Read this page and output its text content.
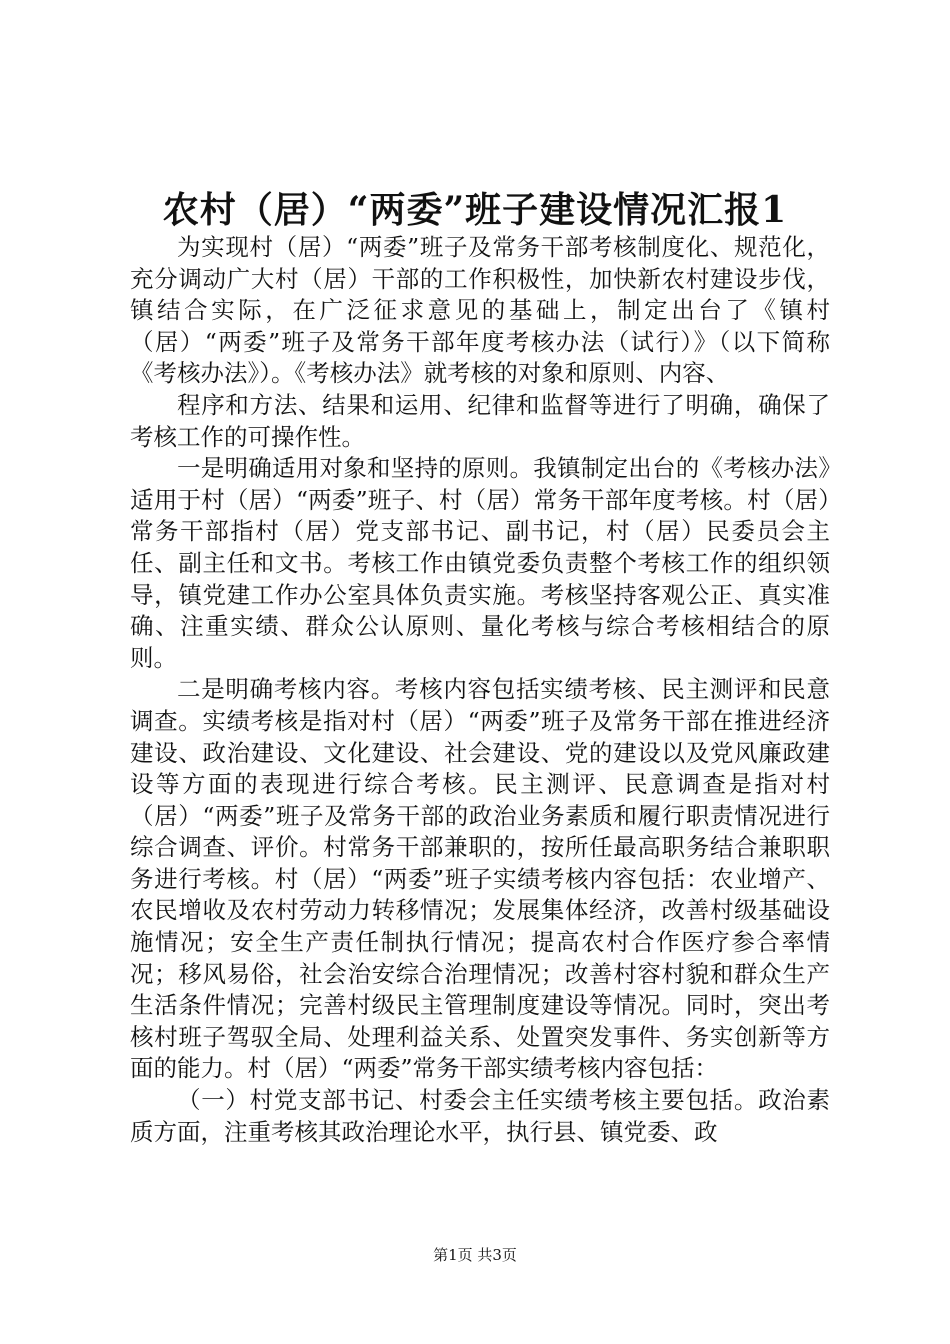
农村（居）“两委”班子建设情况汇报1

为实现村（居）“两委”班子及常务干部考核制度化、规范化，充分调动广大村（居）干部的工作积极性，加快新农村建设步伐，镇结合实际，在广泛征求意见的基础上，制定出台了《镇村（居）“两委”班子及常务干部年度考核办法（试行）》（以下简称《考核办法》）。《考核办法》就考核的对象和原则、内容、

程序和方法、结果和运用、纪律和监督等进行了明确，确保了考核工作的可操作性。

一是明确适用对象和坚持的原则。我镇制定出台的《考核办法》适用于村（居）“两委”班子、村（居）常务干部年度考核。村（居）常务干部指村（居）党支部书记、副书记，村（居）民委员会主任、副主任和文书。考核工作由镇党委负责整个考核工作的组织领导，镇党建工作办公室具体负责实施。考核坚持客观公正、真实准确、注重实绩、群众公认原则、量化考核与综合考核相结合的原则。

二是明确考核内容。考核内容包括实绩考核、民主测评和民意调查。实绩考核是指对村（居）“两委”班子及常务干部在推进经济建设、政治建设、文化建设、社会建设、党的建设以及党风廉政建设等方面的表现进行综合考核。民主测评、民意调查是指对村（居）“两委”班子及常务干部的政治业务素质和履行职责情况进行综合调查、评价。村常务干部兼职的，按所任最高职务结合兼职职务进行考核。村（居）“两委”班子实绩考核内容包括：农业增产、农民增收及农村劳动力转移情况；发展集体经济，改善村级基础设施情况；安全生产责任制执行情况；提高农村合作医疗参合率情况；移风易俗，社会治安综合治理情况；改善村容村貌和群众生产生活条件情况；完善村级民主管理制度建设等情况。同时，突出考核村班子驾驭全局、处理利益关系、处置突发事件、务实创新等方面的能力。村（居）“两委”常务干部实绩考核内容包括：

（一）村党支部书记、村委会主任实绩考核主要包括。政治素质方面，注重考核其政治理论水平，执行县、镇党委、政

第1页 共3页
